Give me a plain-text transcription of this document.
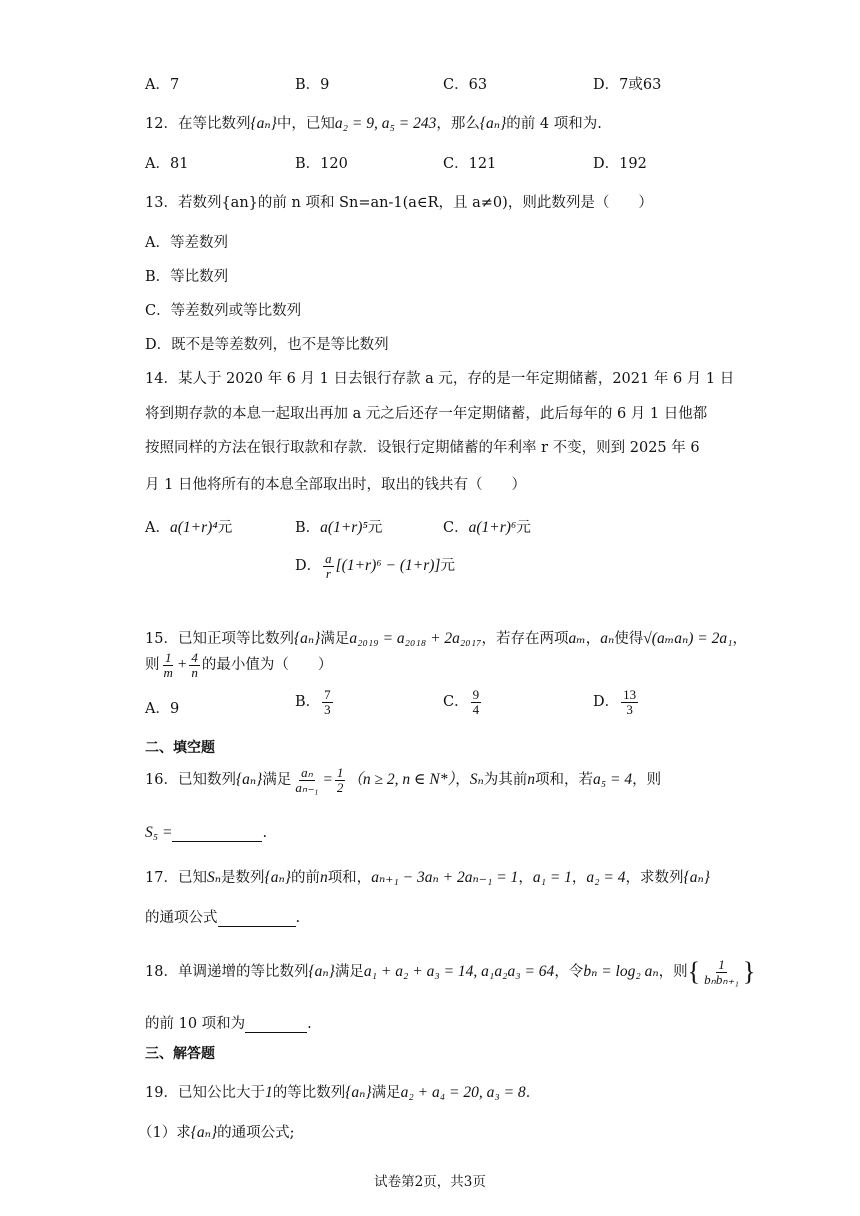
A．7	B．9	C．63	D．7或63
12．在等比数列{aₙ}中，已知a₂ = 9, a₅ = 243，那么{aₙ}的前 4 项和为.
A．81	B．120	C．121	D．192
13．若数列{an}的前 n 项和 Sn=an-1(a∈R，且 a≠0)，则此数列是（　　）
A．等差数列
B．等比数列
C．等差数列或等比数列
D．既不是等差数列，也不是等比数列
14．某人于 2020 年 6 月 1 日去银行存款 a 元，存的是一年定期储蓄，2021 年 6 月 1 日
将到期存款的本息一起取出再加 a 元之后还存一年定期储蓄，此后每年的 6 月 1 日他都
按照同样的方法在银行取款和存款．设银行定期储蓄的年利率 r 不变，则到 2025 年 6
月 1 日他将所有的本息全部取出时，取出的钱共有（　　）
A．a(1+r)⁴元	B．a(1+r)⁵元	C．a(1+r)⁶元
D． $\frac{a}{r} [(1+r)^6 - (1+r)]$元
15．已知正项等比数列{aₙ}满足a₂₀₁₉ = a₂₀₁₈ + 2a₂₀₁₇，若存在两项aₘ，aₙ使得√(aₘaₙ) = 2a₁，
则 $\frac{1}{m} + \frac{4}{n}$ 的最小值为（　　）
A．9	B． $\frac{7}{3}$	C． $\frac{9}{4}$	D． $\frac{13}{3}$
二、填空题
16．已知数列{aₙ}满足 $\frac{\text{aₙ}}{\text{aₙ₋₁}} = \frac{1}{2} (n \ge 2$, n ∈ N*），Sₙ为其前n项和，若a₅ = 4，则
S₅ =	.
17．已知Sₙ是数列{aₙ}的前n项和，aₙ₊₁ − 3aₙ + 2aₙ₋₁ = 1，a₁ = 1，a₂ = 4，求数列{aₙ}
的通项公式	.
18．单调递增的等比数列{aₙ}满足a₁ + a₂ + a₃ = 14, a₁a₂a₃ = 64，令bₙ = log₂ aₙ，则{ $\frac{1}{\text{bₙbₙ₊₁}}$ }
的前 10 项和为	.
三、解答题
19．已知公比大于1的等比数列{aₙ}满足a₂ + a₄ = 20, a₃ = 8．
（1）求{aₙ}的通项公式;
试卷第2页，共3页
